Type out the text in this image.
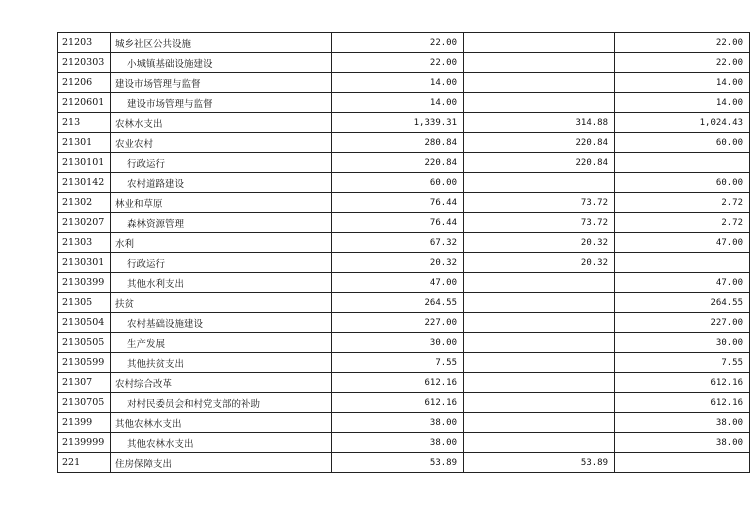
21203	城乡社区公共设施	22.00		22.00
2120303	小城镇基础设施建设	22.00		22.00
21206	建设市场管理与监督	14.00		14.00
2120601	建设市场管理与监督	14.00		14.00
213	农林水支出	1,339.31	314.88	1,024.43
21301	农业农村	280.84	220.84	60.00
2130101	行政运行	220.84	220.84	
2130142	农村道路建设	60.00		60.00
21302	林业和草原	76.44	73.72	2.72
2130207	森林资源管理	76.44	73.72	2.72
21303	水利	67.32	20.32	47.00
2130301	行政运行	20.32	20.32	
2130399	其他水利支出	47.00		47.00
21305	扶贫	264.55		264.55
2130504	农村基础设施建设	227.00		227.00
2130505	生产发展	30.00		30.00
2130599	其他扶贫支出	7.55		7.55
21307	农村综合改革	612.16		612.16
2130705	对村民委员会和村党支部的补助	612.16		612.16
21399	其他农林水支出	38.00		38.00
2139999	其他农林水支出	38.00		38.00
221	住房保障支出	53.89	53.89	
